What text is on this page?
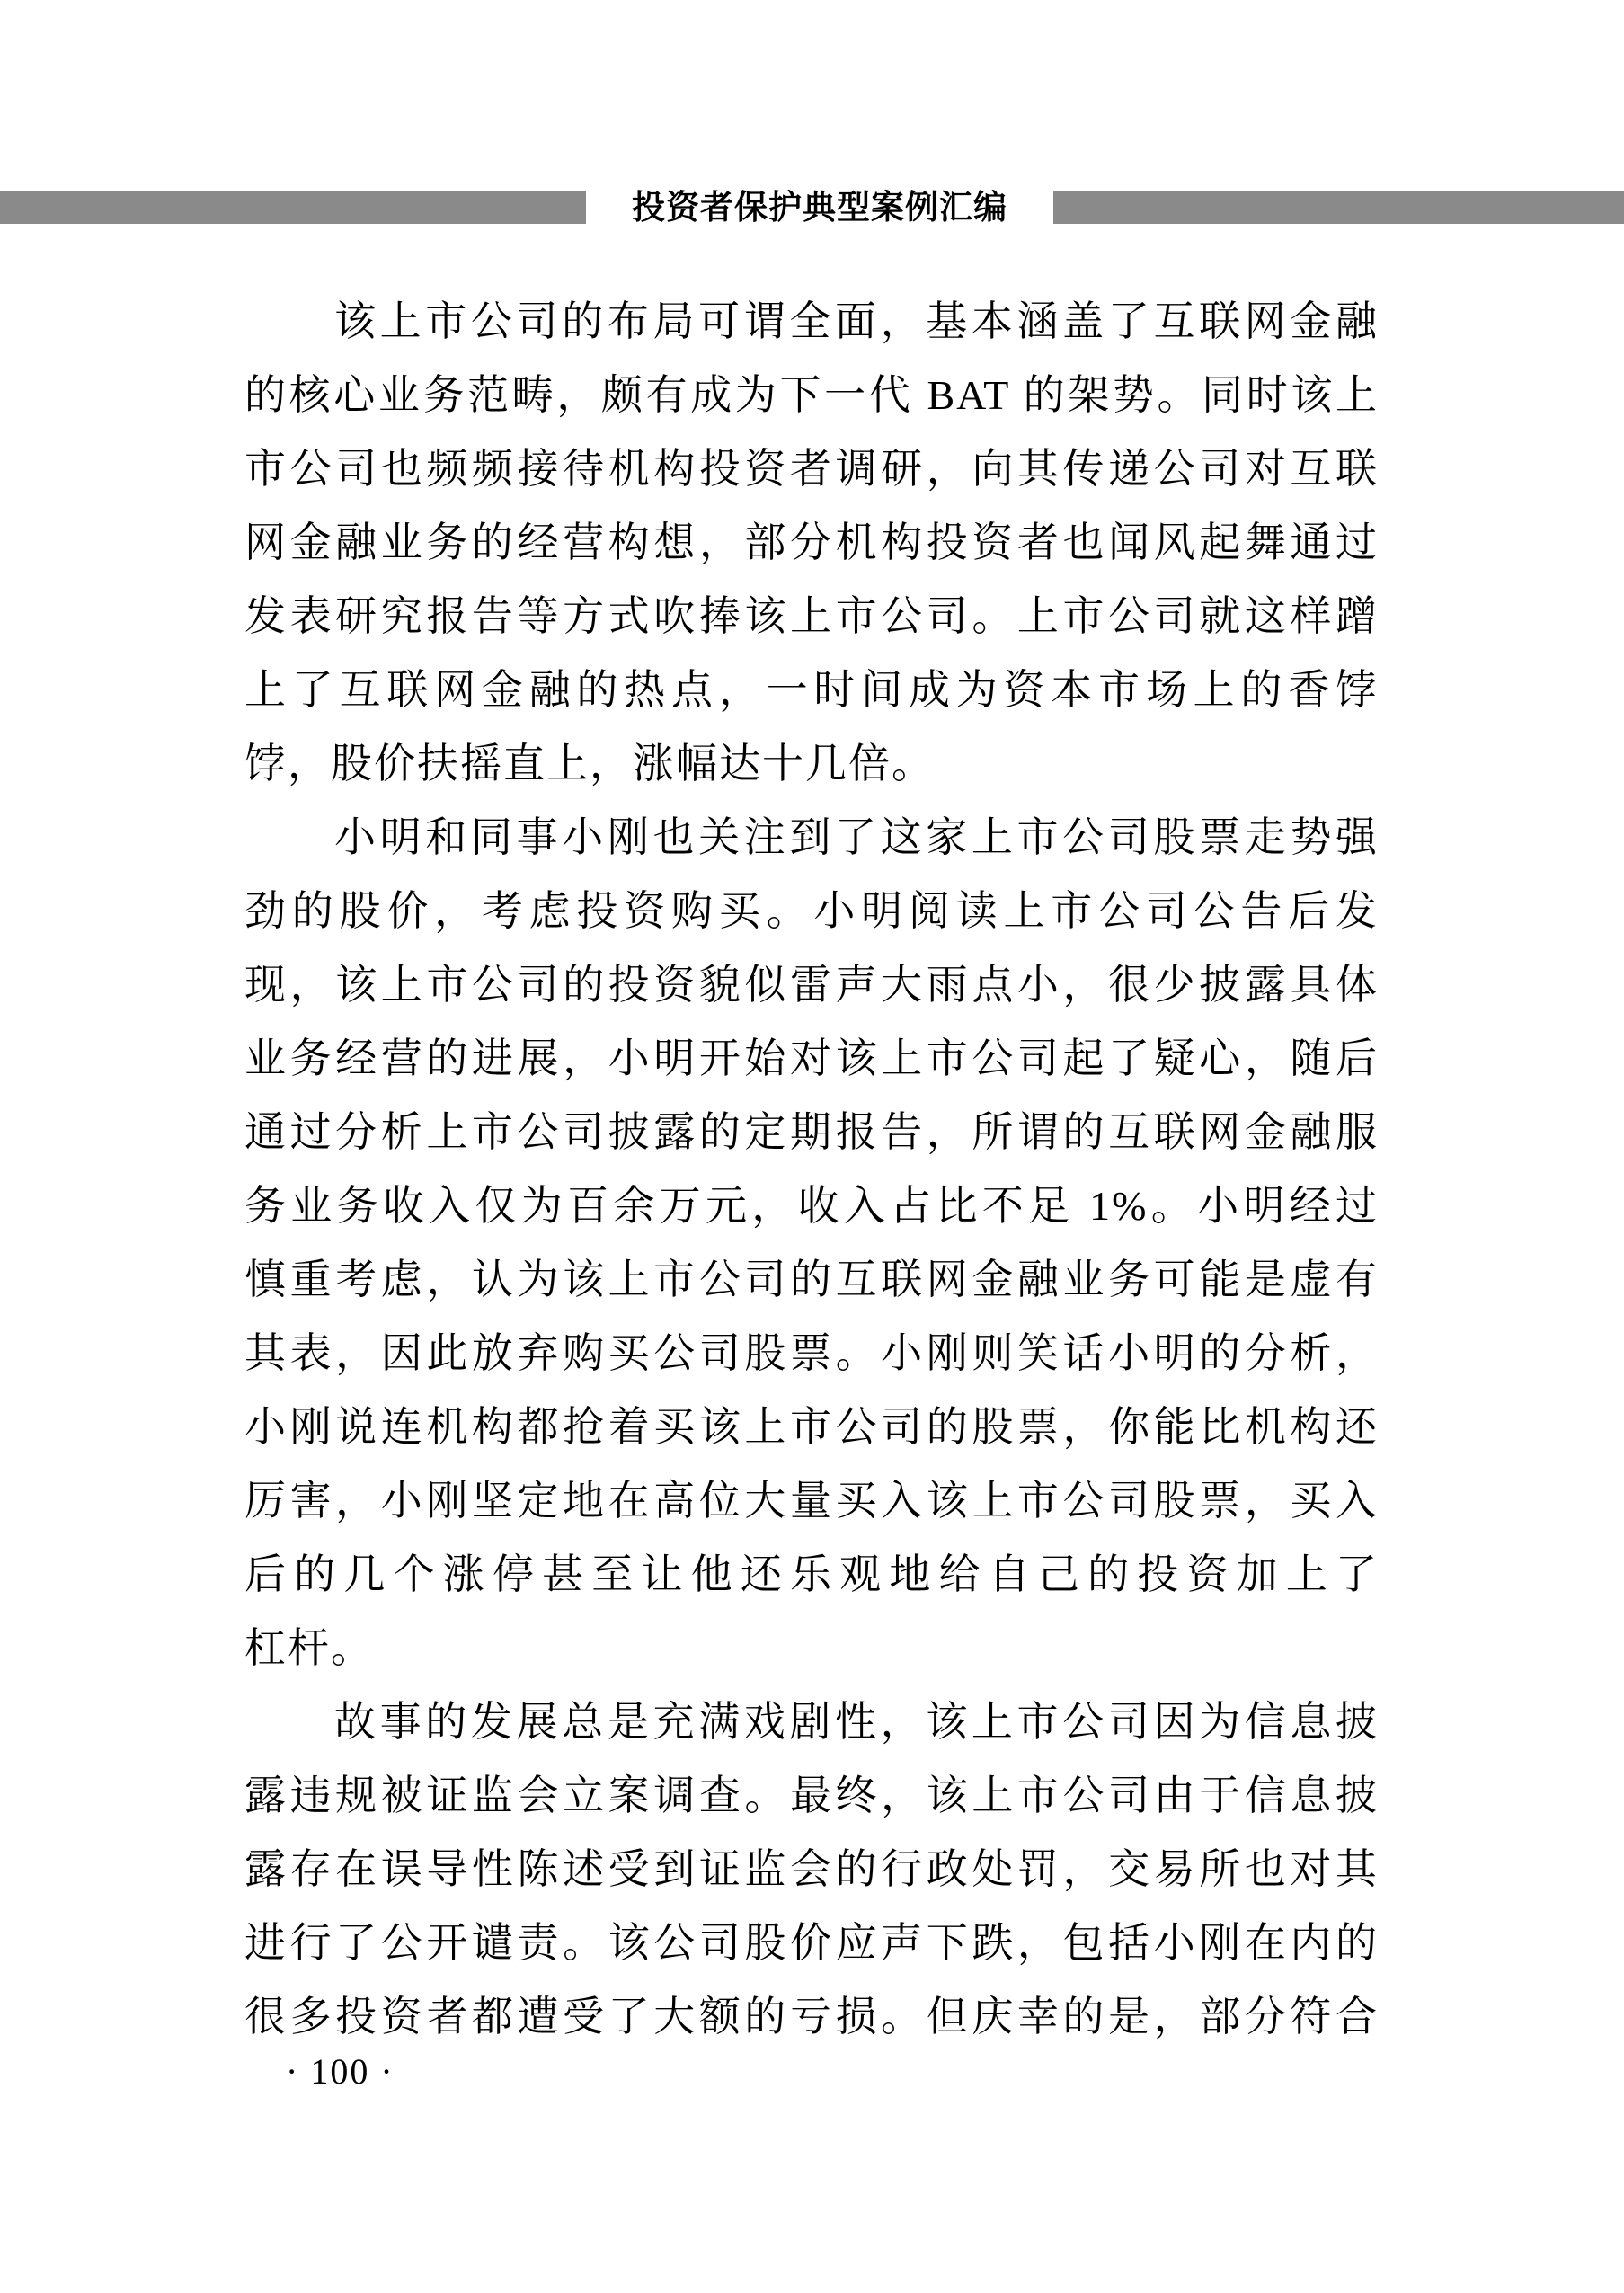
投资者保护典型案例汇编
该上市公司的布局可谓全面，基本涵盖了互联网金融
的核心业务范畴，颇有成为下一代 BAT 的架势。同时该上
市公司也频频接待机构投资者调研，向其传递公司对互联
网金融业务的经营构想，部分机构投资者也闻风起舞通过
发表研究报告等方式吹捧该上市公司。上市公司就这样蹭
上了互联网金融的热点，一时间成为资本市场上的香饽
饽，股价扶摇直上，涨幅达十几倍。
小明和同事小刚也关注到了这家上市公司股票走势强
劲的股价，考虑投资购买。小明阅读上市公司公告后发
现，该上市公司的投资貌似雷声大雨点小，很少披露具体
业务经营的进展，小明开始对该上市公司起了疑心，随后
通过分析上市公司披露的定期报告，所谓的互联网金融服
务业务收入仅为百余万元，收入占比不足 1%。小明经过
慎重考虑，认为该上市公司的互联网金融业务可能是虚有
其表，因此放弃购买公司股票。小刚则笑话小明的分析，
小刚说连机构都抢着买该上市公司的股票，你能比机构还
厉害，小刚坚定地在高位大量买入该上市公司股票，买入
后的几个涨停甚至让他还乐观地给自己的投资加上了
杠杆。
故事的发展总是充满戏剧性，该上市公司因为信息披
露违规被证监会立案调查。最终，该上市公司由于信息披
露存在误导性陈述受到证监会的行政处罚，交易所也对其
进行了公开谴责。该公司股价应声下跌，包括小刚在内的
很多投资者都遭受了大额的亏损。但庆幸的是，部分符合
· 100 ·
